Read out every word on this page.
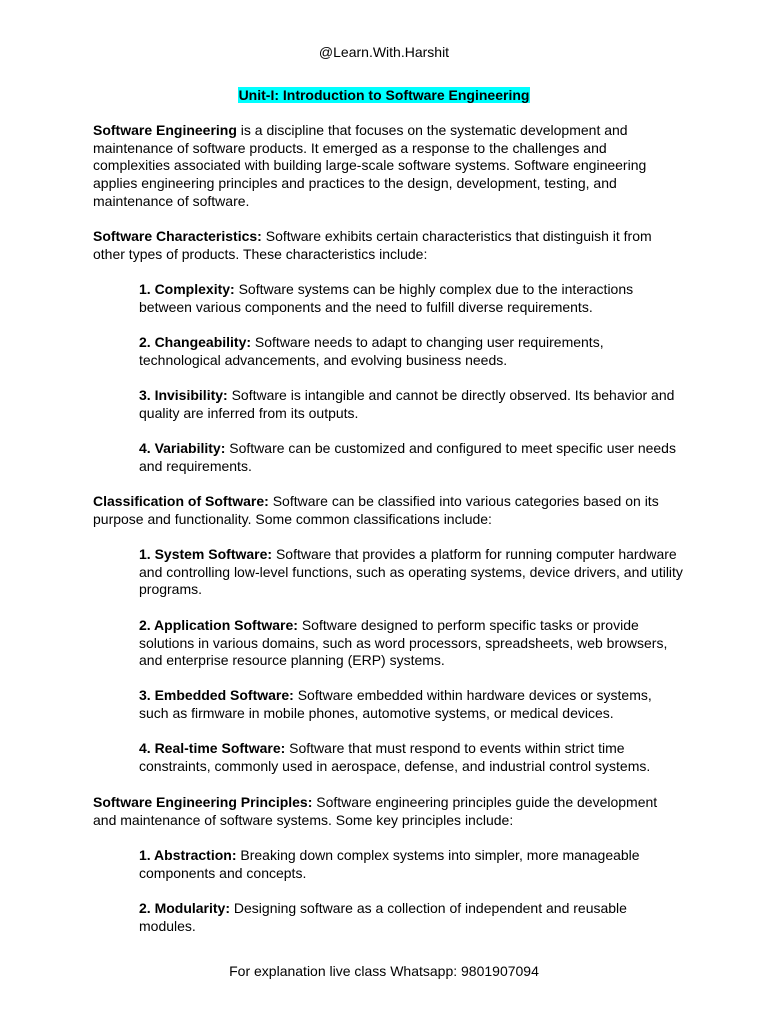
@Learn.With.Harshit
Unit-I: Introduction to Software Engineering

Software Engineering is a discipline that focuses on the systematic development and maintenance of software products. It emerged as a response to the challenges and complexities associated with building large-scale software systems. Software engineering applies engineering principles and practices to the design, development, testing, and maintenance of software.

Software Characteristics: Software exhibits certain characteristics that distinguish it from other types of products. These characteristics include:

1. Complexity: Software systems can be highly complex due to the interactions between various components and the need to fulfill diverse requirements.

2. Changeability: Software needs to adapt to changing user requirements, technological advancements, and evolving business needs.

3. Invisibility: Software is intangible and cannot be directly observed. Its behavior and quality are inferred from its outputs.

4. Variability: Software can be customized and configured to meet specific user needs and requirements.

Classification of Software: Software can be classified into various categories based on its purpose and functionality. Some common classifications include:

1. System Software: Software that provides a platform for running computer hardware and controlling low-level functions, such as operating systems, device drivers, and utility programs.

2. Application Software: Software designed to perform specific tasks or provide solutions in various domains, such as word processors, spreadsheets, web browsers, and enterprise resource planning (ERP) systems.

3. Embedded Software: Software embedded within hardware devices or systems, such as firmware in mobile phones, automotive systems, or medical devices.

4. Real-time Software: Software that must respond to events within strict time constraints, commonly used in aerospace, defense, and industrial control systems.

Software Engineering Principles: Software engineering principles guide the development and maintenance of software systems. Some key principles include:

1. Abstraction: Breaking down complex systems into simpler, more manageable components and concepts.

2. Modularity: Designing software as a collection of independent and reusable modules.

For explanation live class Whatsapp: 9801907094
